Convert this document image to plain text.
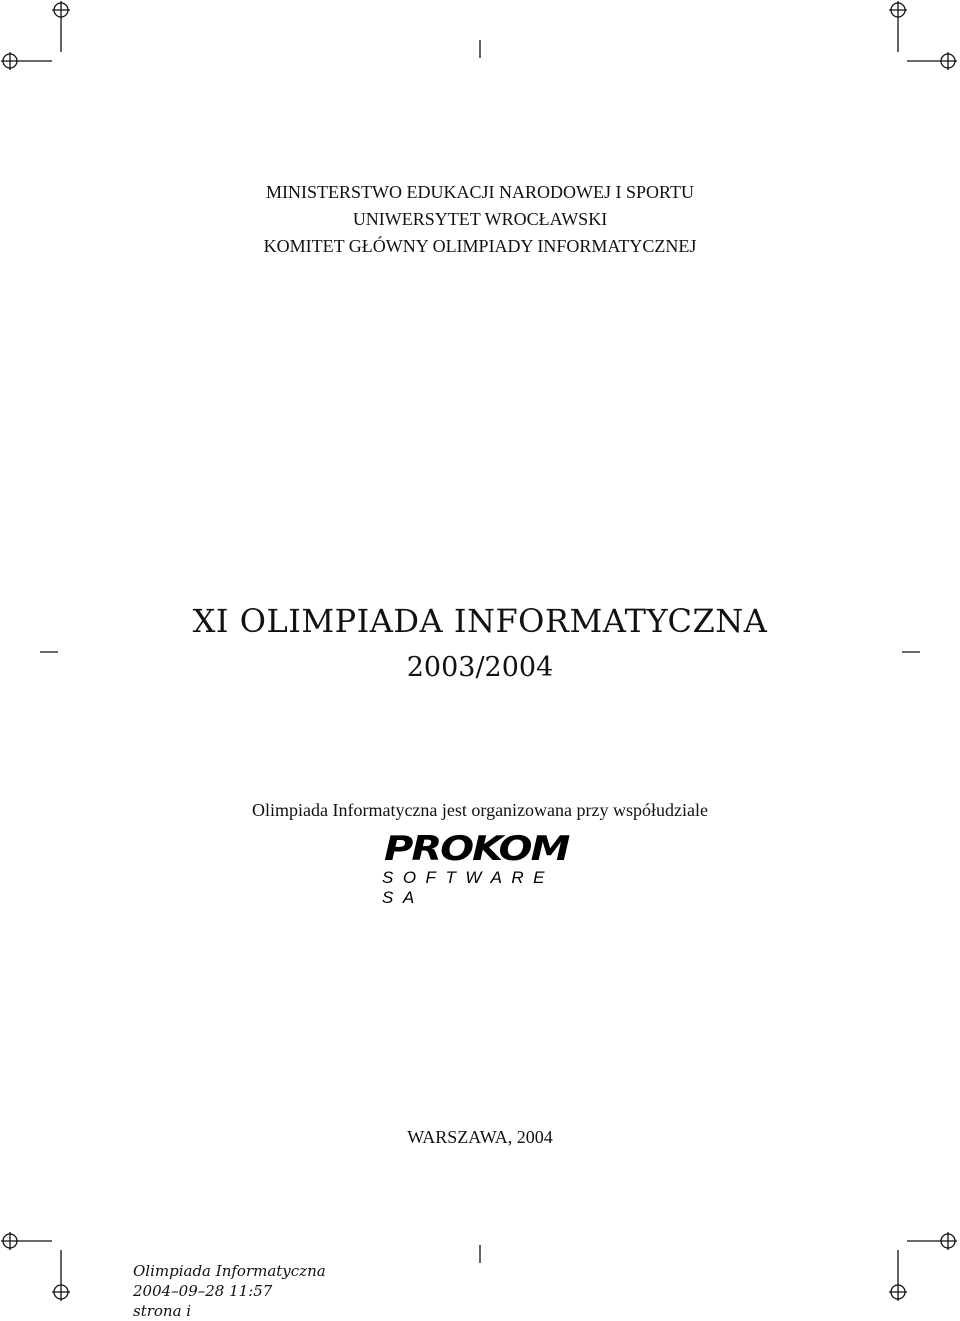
MINISTERSTWO EDUKACJI NARODOWEJ I SPORTU
UNIWERSYTET WROCŁAWSKI
KOMITET GŁÓWNY OLIMPIADY INFORMATYCZNEJ
XI OLIMPIADA INFORMATYCZNA
2003/2004
Olimpiada Informatyczna jest organizowana przy współudziale
PROKOM
SOFTWARE SA
WARSZAWA, 2004
Olimpiada Informatyczna
2004–09–28 11:57
strona i
